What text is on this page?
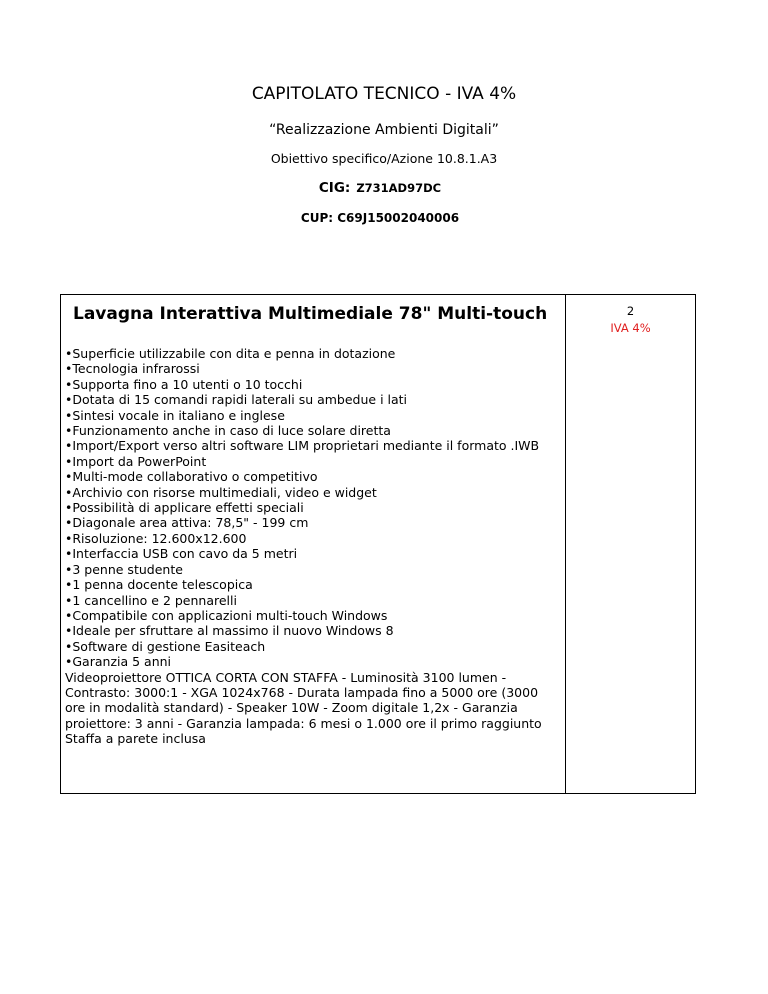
CAPITOLATO TECNICO - IVA 4%
“Realizzazione Ambienti Digitali”
Obiettivo specifico/Azione 10.8.1.A3
CIG: Z731AD97DC
CUP: C69J15002040006
Lavagna Interattiva Multimediale 78" Multi-touch
•Superficie utilizzabile con dita e penna in dotazione
•Tecnologia infrarossi
•Supporta fino a 10 utenti o 10 tocchi
•Dotata di 15 comandi rapidi laterali su ambedue i lati
•Sintesi vocale in italiano e inglese
•Funzionamento anche in caso di luce solare diretta
•Import/Export verso altri software LIM proprietari mediante il formato .IWB
•Import da PowerPoint
•Multi-mode collaborativo o competitivo
•Archivio con risorse multimediali, video e widget
•Possibilità di applicare effetti speciali
•Diagonale area attiva: 78,5" - 199 cm
•Risoluzione: 12.600x12.600
•Interfaccia USB con cavo da 5 metri
•3 penne studente
•1 penna docente telescopica
•1 cancellino e 2 pennarelli
•Compatibile con applicazioni multi-touch Windows
•Ideale per sfruttare al massimo il nuovo Windows 8
•Software di gestione Easiteach
•Garanzia 5 anni

Videoproiettore OTTICA CORTA CON STAFFA - Luminosità 3100 lumen - Contrasto: 3000:1 - XGA 1024x768 - Durata lampada fino a 5000 ore (3000 ore in modalità standard) - Speaker 10W - Zoom digitale 1,2x - Garanzia proiettore: 3 anni - Garanzia lampada: 6 mesi o 1.000 ore il primo raggiunto

Staffa a parete inclusa

2
IVA 4%
